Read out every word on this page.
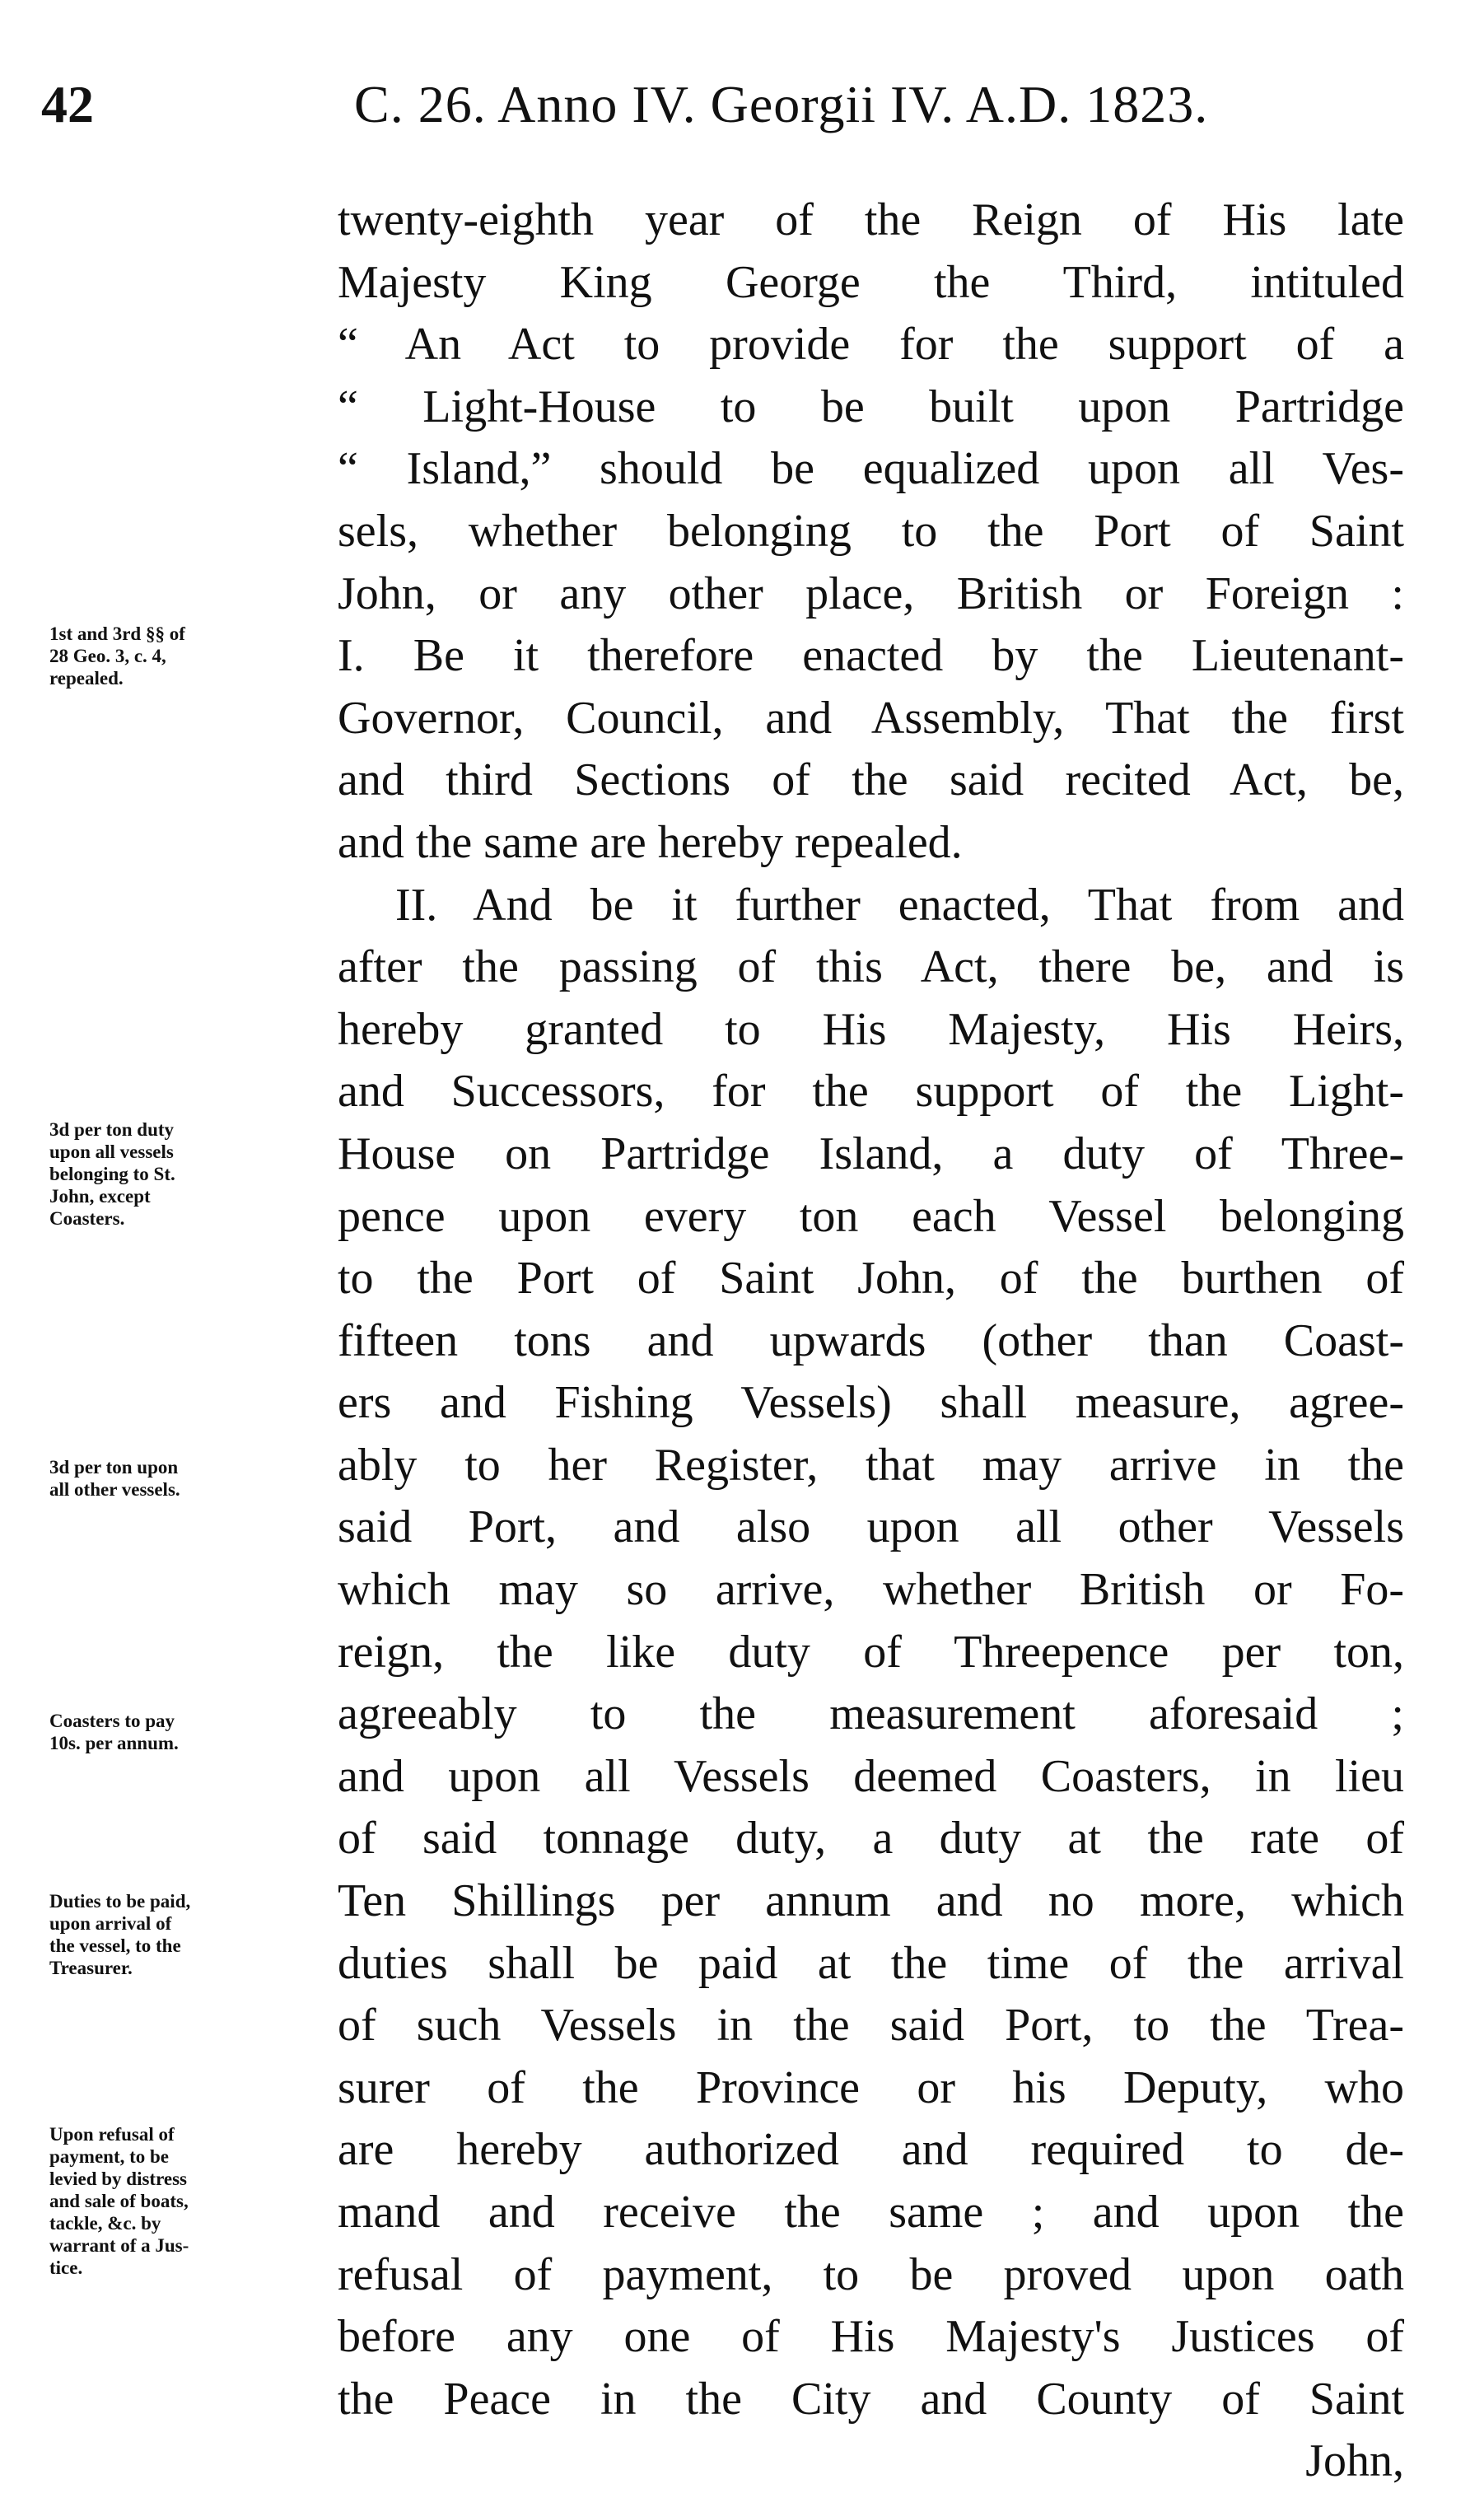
42	C. 26. Anno IV. Georgii IV. A.D. 1823.
twenty-eighth year of the Reign of His late
Majesty King George the Third, intituled
“ An Act to provide for the support of a
“ Light-House to be built upon Partridge
“ Island,” should be equalized upon all Ves-
sels, whether belonging to the Port of Saint
John, or any other place, British or Foreign :
I. Be it therefore enacted by the Lieutenant-
Governor, Council, and Assembly, That the first
and third Sections of the said recited Act, be,
and the same are hereby repealed.
II. And be it further enacted, That from and
after the passing of this Act, there be, and is
hereby granted to His Majesty, His Heirs,
and Successors, for the support of the Light-
House on Partridge Island, a duty of Three-
pence upon every ton each Vessel belonging
to the Port of Saint John, of the burthen of
fifteen tons and upwards (other than Coast-
ers and Fishing Vessels) shall measure, agree-
ably to her Register, that may arrive in the
said Port, and also upon all other Vessels
which may so arrive, whether British or Fo-
reign, the like duty of Threepence per ton,
agreeably to the measurement aforesaid ;
and upon all Vessels deemed Coasters, in lieu
of said tonnage duty, a duty at the rate of
Ten Shillings per annum and no more, which
duties shall be paid at the time of the arrival
of such Vessels in the said Port, to the Trea-
surer of the Province or his Deputy, who
are hereby authorized and required to de-
mand and receive the same ; and upon the
refusal of payment, to be proved upon oath
before any one of His Majesty's Justices of
the Peace in the City and County of Saint
John,
1st and 3rd §§ of
28 Geo. 3, c. 4,
repealed.
3d per ton duty
upon all vessels
belonging to St.
John, except
Coasters.
3d per ton upon
all other vessels.
Coasters to pay
10s. per annum.
Duties to be paid,
upon arrival of
the vessel, to the
Treasurer.
Upon refusal of
payment, to be
levied by distress
and sale of boats,
tackle, &c. by
warrant of a Jus-
tice.
